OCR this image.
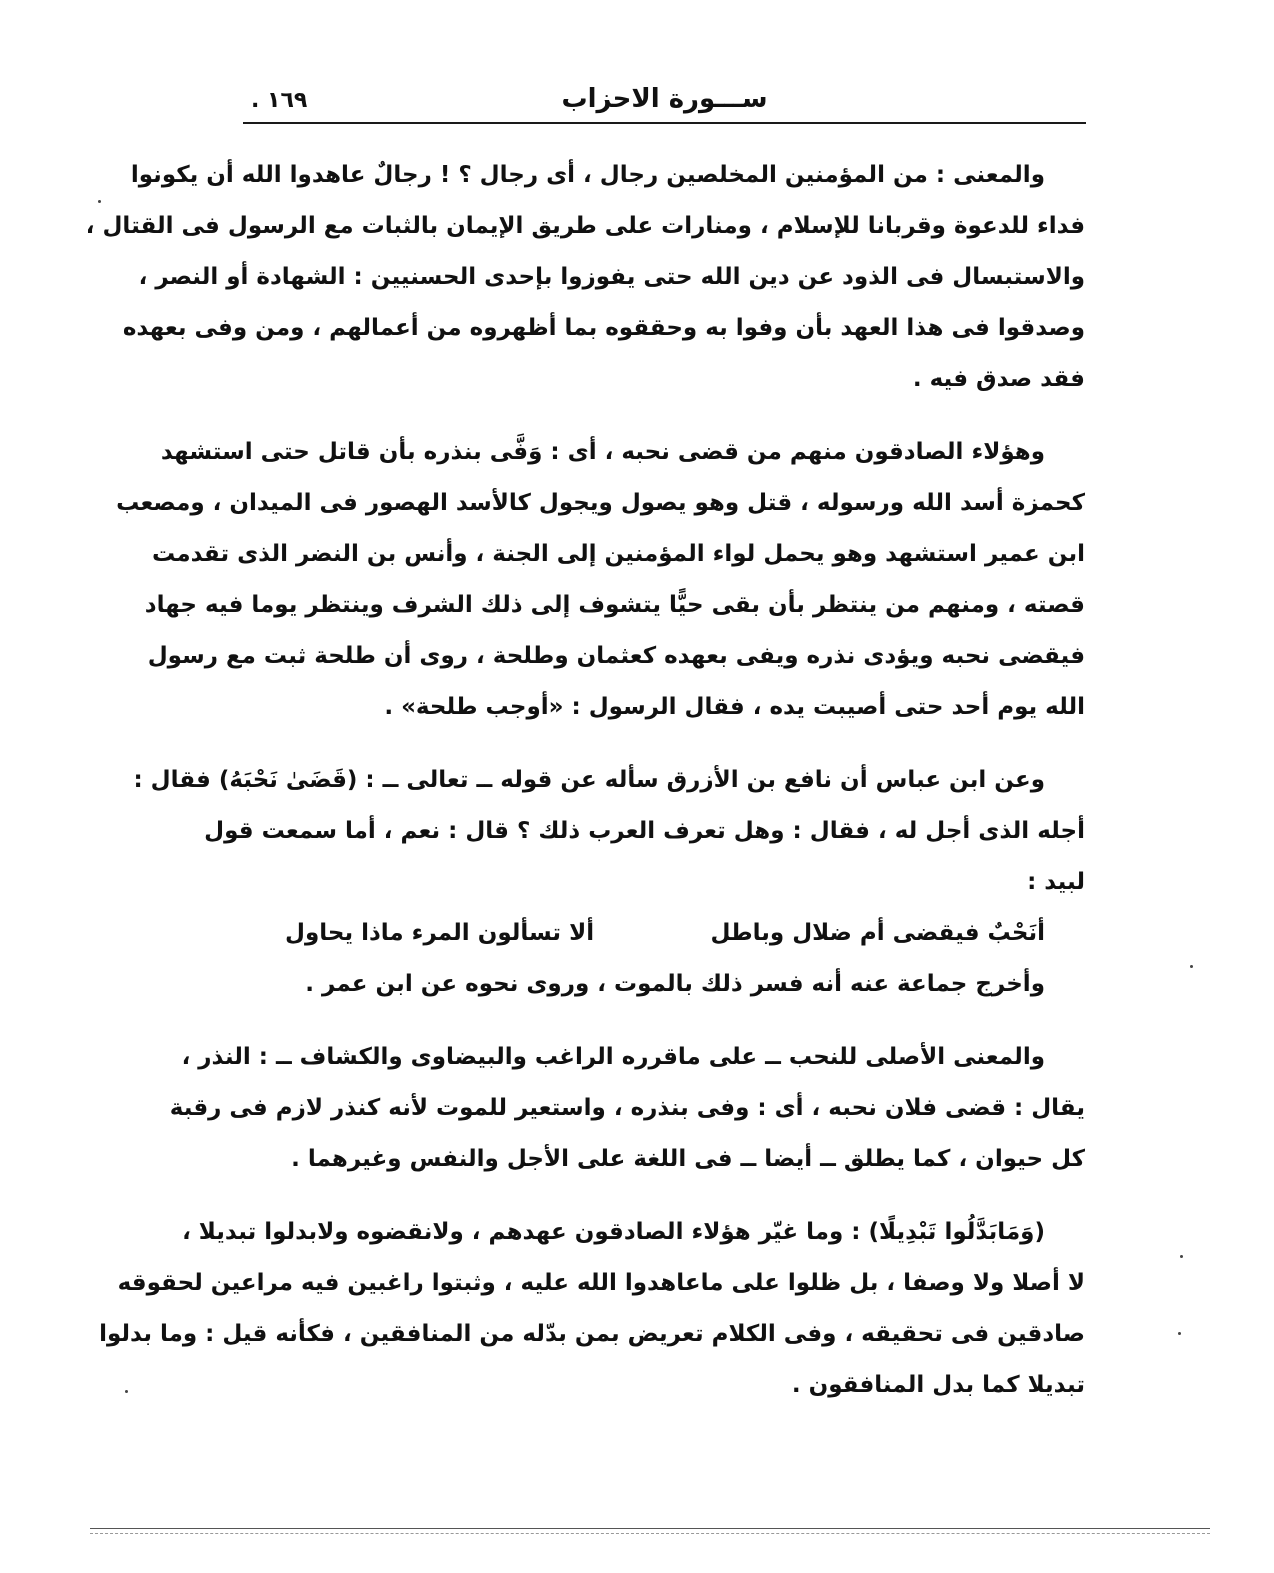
١٦٩ .	ســـورة الاحزاب
والمعنى : من المؤمنين المخلصين رجال ، أى رجال ؟ ! رجالٌ عاهدوا الله أن يكونوا
فداء للدعوة وقربانا للإسلام ، ومنارات على طريق الإيمان بالثبات مع الرسول فى القتال ،
والاستبسال فى الذود عن دين الله حتى يفوزوا بإحدى الحسنيين : الشهادة أو النصر ،
وصدقوا فى هذا العهد بأن وفوا به وحققوه بما أظهروه من أعمالهم ، ومن وفى بعهده
فقد صدق فيه .
وهؤلاء الصادقون منهم من قضى نحبه ، أى : وَفَّى بنذره بأن قاتل حتى استشهد
كحمزة أسد الله ورسوله ، قتل وهو يصول ويجول كالأسد الهصور فى الميدان ، ومصعب
ابن عمير استشهد وهو يحمل لواء المؤمنين إلى الجنة ، وأنس بن النضر الذى تقدمت
قصته ، ومنهم من ينتظر بأن بقى حيًّا يتشوف إلى ذلك الشرف وينتظر يوما فيه جهاد
فيقضى نحبه ويؤدى نذره ويفى بعهده كعثمان وطلحة ، روى أن طلحة ثبت مع رسول
الله يوم أحد حتى أصيبت يده ، فقال الرسول : «أوجب طلحة» .
وعن ابن عباس أن نافع بن الأزرق سأله عن قوله ــ تعالى ــ : (قَضَىٰ نَحْبَهُ) فقال :
أجله الذى أجل له ، فقال : وهل تعرف العرب ذلك ؟ قال : نعم ، أما سمعت قول
لبيد :
ألا تسألون المرء ماذا يحاول	أنَحْبٌ فيقضى أم ضلال وباطل
وأخرج جماعة عنه أنه فسر ذلك بالموت ، وروى نحوه عن ابن عمر .
والمعنى الأصلى للنحب ــ على ماقرره الراغب والبيضاوى والكشاف ــ : النذر ،
يقال : قضى فلان نحبه ، أى : وفى بنذره ، واستعير للموت لأنه كنذر لازم فى رقبة
كل حيوان ، كما يطلق ــ أيضا ــ فى اللغة على الأجل والنفس وغيرهما .
(وَمَابَدَّلُوا تَبْدِيلًا) : وما غيّر هؤلاء الصادقون عهدهم ، ولانقضوه ولابدلوا تبديلا ،
لا أصلا ولا وصفا ، بل ظلوا على ماعاهدوا الله عليه ، وثبتوا راغبين فيه مراعين لحقوقه
صادقين فى تحقيقه ، وفى الكلام تعريض بمن بدّله من المنافقين ، فكأنه قيل : وما بدلوا
تبديلا كما بدل المنافقون .
